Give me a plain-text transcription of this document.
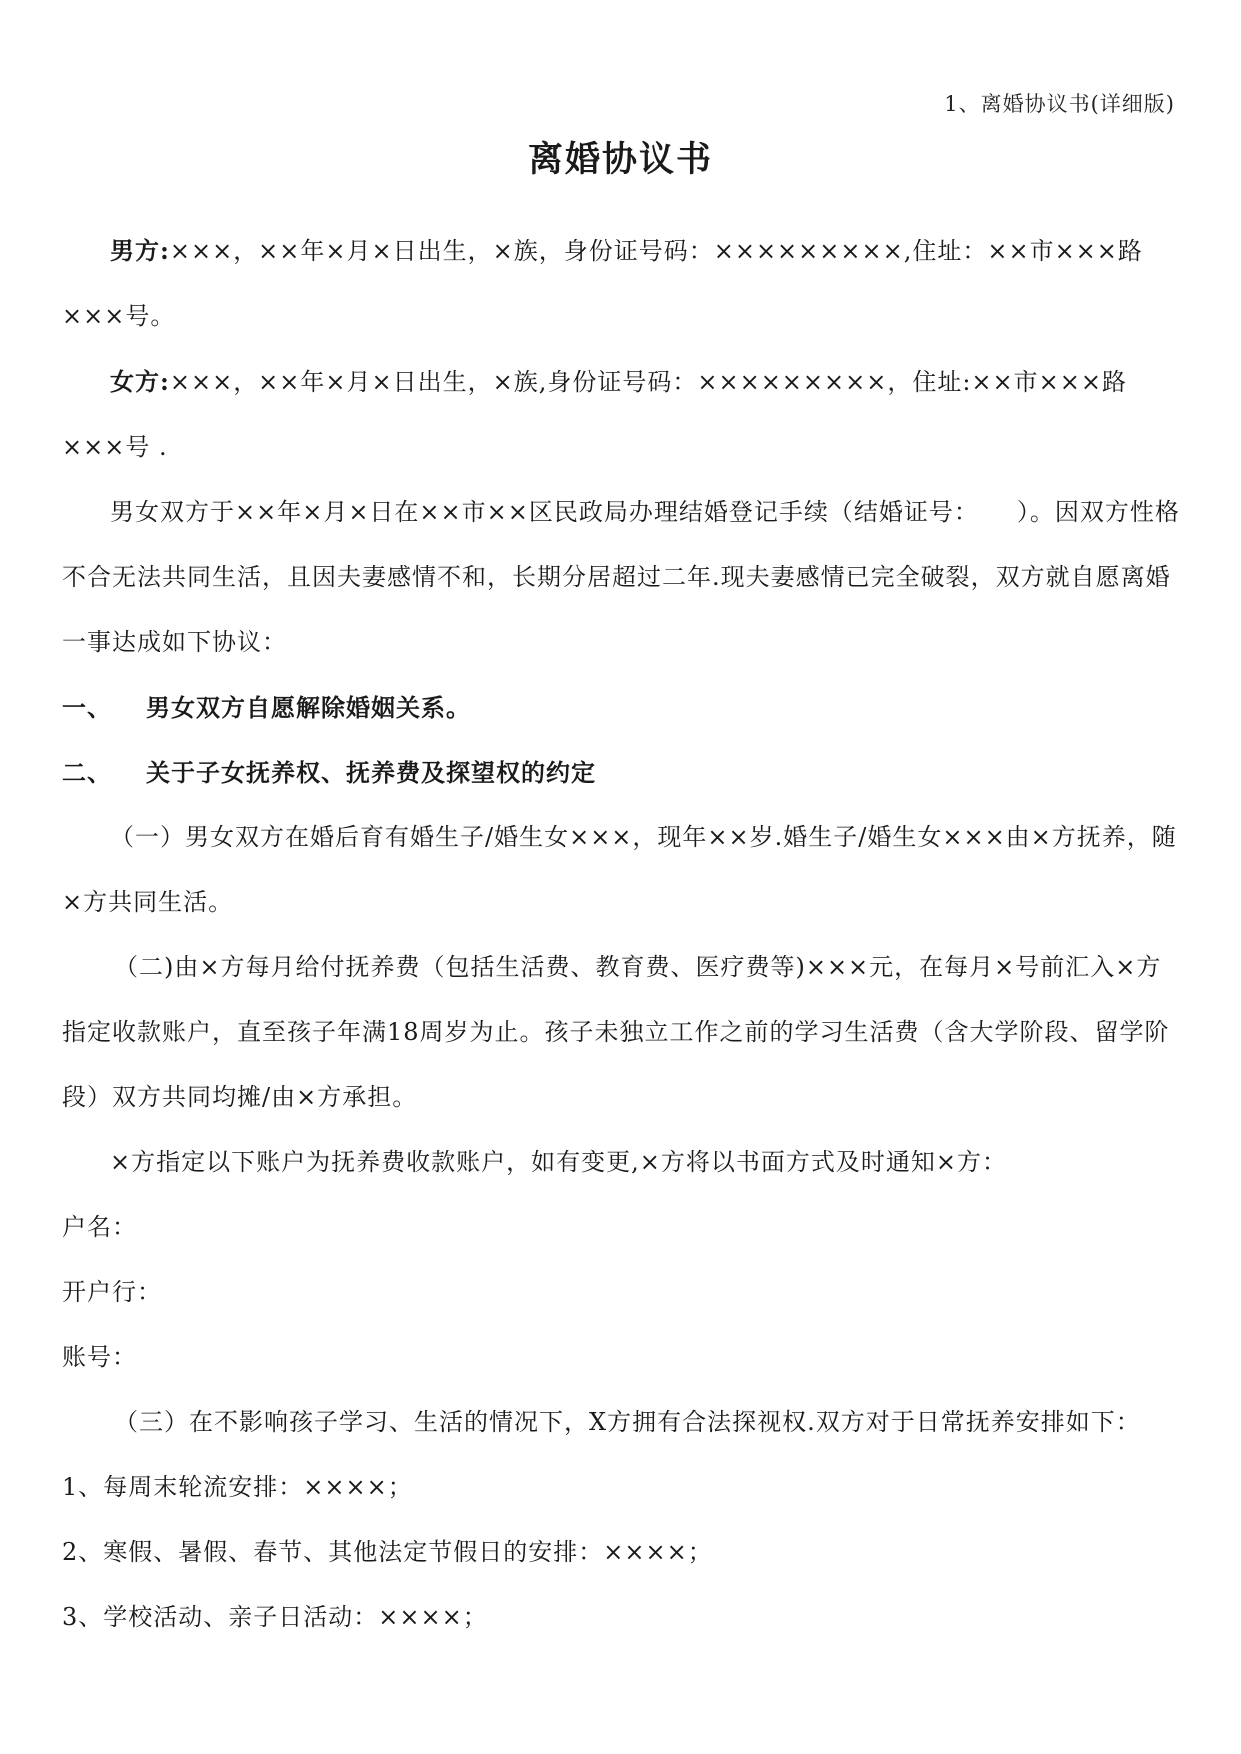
1、离婚协议书(详细版)
离婚协议书

男方:×××，××年×月×日出生，×族，身份证号码：×××××××××,住址：××市×××路×××号。

女方:×××，××年×月×日出生，×族,身份证号码：×××××××××，住址:××市×××路×××号 .

男女双方于××年×月×日在××市××区民政局办理结婚登记手续（结婚证号：　　）。因双方性格不合无法共同生活，且因夫妻感情不和，长期分居超过二年.现夫妻感情已完全破裂，双方就自愿离婚一事达成如下协议：

一、 男女双方自愿解除婚姻关系。

二、 关于子女抚养权、抚养费及探望权的约定

（一）男女双方在婚后育有婚生子/婚生女×××，现年××岁.婚生子/婚生女×××由×方抚养，随×方共同生活。

（二)由×方每月给付抚养费（包括生活费、教育费、医疗费等)×××元，在每月×号前汇入×方指定收款账户，直至孩子年满18周岁为止。孩子未独立工作之前的学习生活费（含大学阶段、留学阶段）双方共同均摊/由×方承担。

×方指定以下账户为抚养费收款账户，如有变更,×方将以书面方式及时通知×方：

户名：

开户行：

账号：

（三）在不影响孩子学习、生活的情况下，X方拥有合法探视权.双方对于日常抚养安排如下：

1、每周末轮流安排：××××；

2、寒假、暑假、春节、其他法定节假日的安排：××××；

3、学校活动、亲子日活动：××××；
